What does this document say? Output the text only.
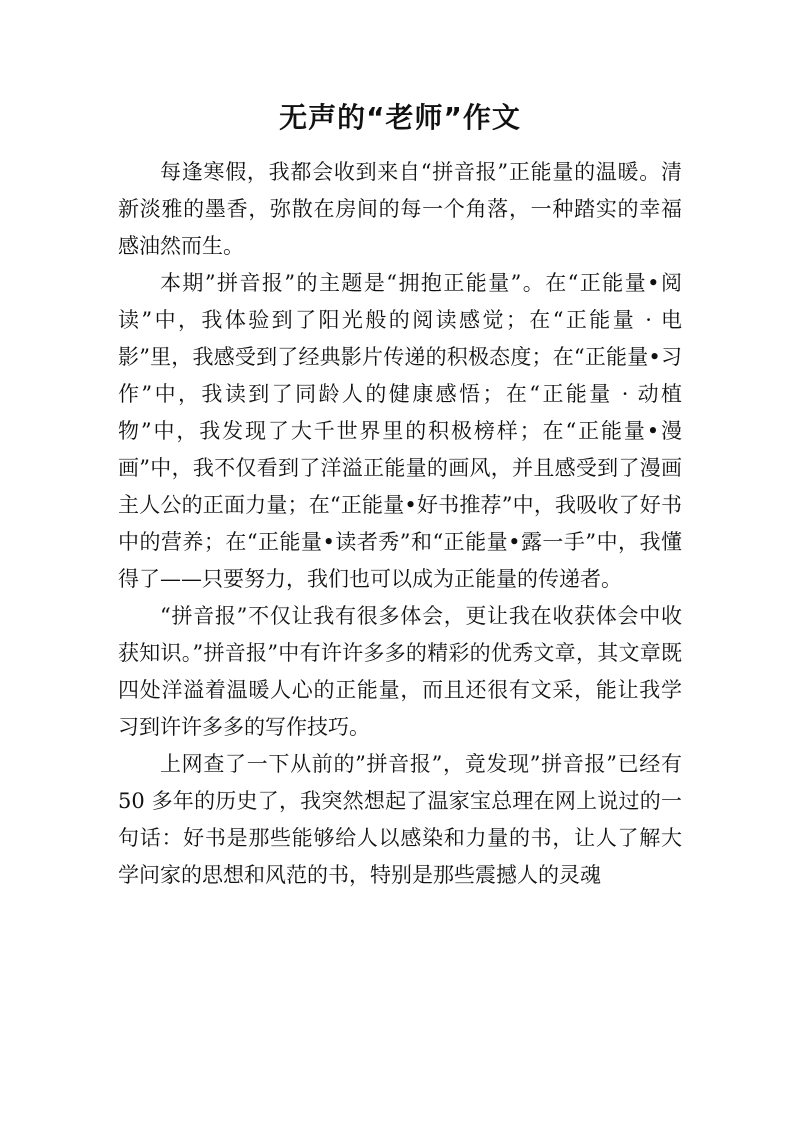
无声的“老师”作文

每逢寒假，我都会收到来自“拼音报”正能量的温暖。清新淡雅的墨香，弥散在房间的每一个角落，一种踏实的幸福感油然而生。

本期”拼音报”的主题是“拥抱正能量”。在“正能量•阅读”中，我体验到了阳光般的阅读感觉；在“正能量 · 电影”里，我感受到了经典影片传递的积极态度；在“正能量•习作”中，我读到了同龄人的健康感悟；在“正能量 · 动植物”中，我发现了大千世界里的积极榜样；在“正能量•漫画”中，我不仅看到了洋溢正能量的画风，并且感受到了漫画主人公的正面力量；在“正能量•好书推荐”中，我吸收了好书中的营养；在“正能量•读者秀”和“正能量•露一手”中，我懂得了——只要努力，我们也可以成为正能量的传递者。

“拼音报”不仅让我有很多体会，更让我在收获体会中收获知识。”拼音报”中有许许多多的精彩的优秀文章，其文章既四处洋溢着温暖人心的正能量，而且还很有文采，能让我学习到许许多多的写作技巧。

上网查了一下从前的”拼音报”，竟发现”拼音报”已经有 50 多年的历史了，我突然想起了温家宝总理在网上说过的一句话：好书是那些能够给人以感染和力量的书，让人了解大学问家的思想和风范的书，特别是那些震撼人的灵魂
